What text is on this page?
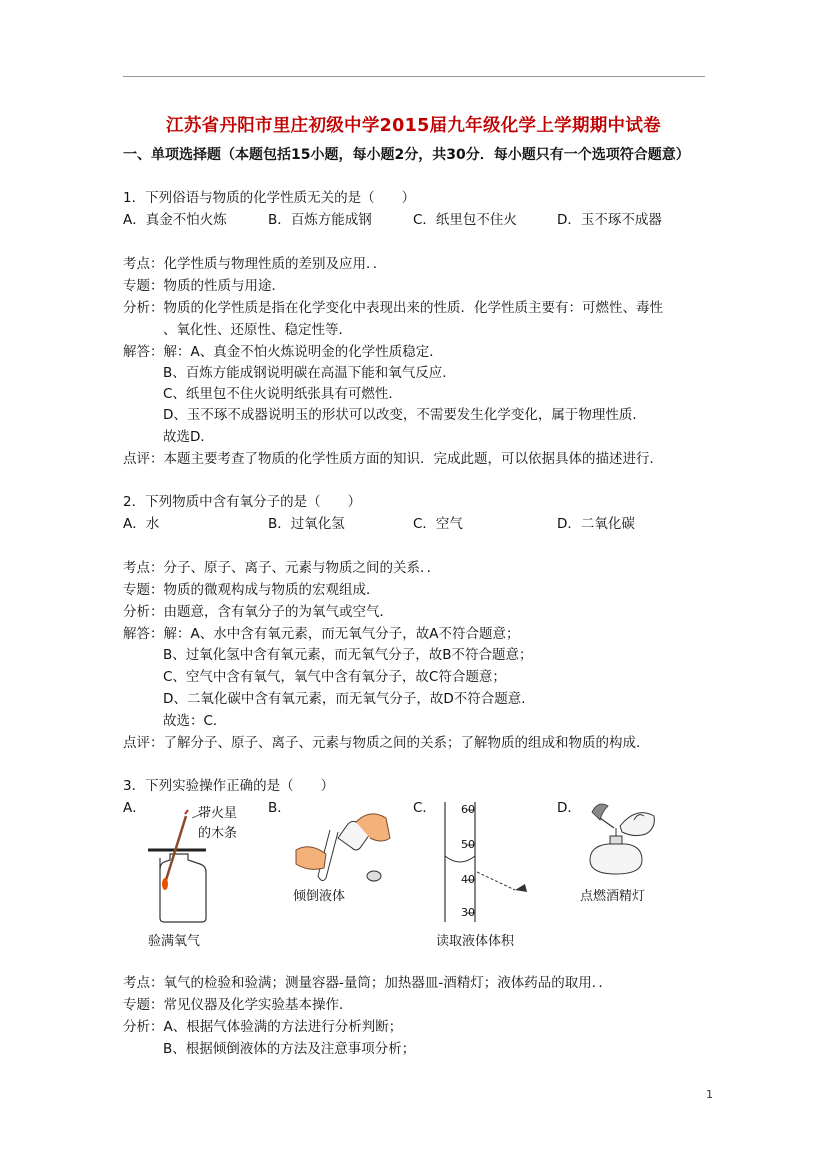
江苏省丹阳市里庄初级中学2015届九年级化学上学期期中试卷
一、单项选择题（本题包括15小题，每小题2分，共30分．每小题只有一个选项符合题意）
1．下列俗语与物质的化学性质无关的是（　　）
A．真金不怕火炼	B．百炼方能成钢	C．纸里包不住火	D．玉不琢不成器
考点：化学性质与物理性质的差别及应用．．
专题：物质的性质与用途．
分析：物质的化学性质是指在化学变化中表现出来的性质．化学性质主要有：可燃性、毒性
、氧化性、还原性、稳定性等．
解答：解：A、真金不怕火炼说明金的化学性质稳定．
B、百炼方能成钢说明碳在高温下能和氧气反应．
C、纸里包不住火说明纸张具有可燃性．
D、玉不琢不成器说明玉的形状可以改变，不需要发生化学变化，属于物理性质．
故选D．
点评：本题主要考查了物质的化学性质方面的知识．完成此题，可以依据具体的描述进行．
2．下列物质中含有氧分子的是（　　）
A．水	B．过氧化氢	C．空气	D．二氧化碳
考点：分子、原子、离子、元素与物质之间的关系．．
专题：物质的微观构成与物质的宏观组成．
分析：由题意，含有氧分子的为氧气或空气．
解答：解：A、水中含有氧元素，而无氧气分子，故A不符合题意；
B、过氧化氢中含有氧元素，而无氧气分子，故B不符合题意；
C、空气中含有氧气，氧气中含有氧分子，故C符合题意；
D、二氧化碳中含有氧元素，而无氧气分子，故D不符合题意．
故选：C．
点评：了解分子、原子、离子、元素与物质之间的关系；了解物质的组成和物质的构成．
3．下列实验操作正确的是（　　）
A．	B．	C．	D．
带火星
的木条
验满氧气
倾倒液体
60
50
40
30
读取液体体积
点燃酒精灯
考点：氧气的检验和验满；测量容器-量筒；加热器皿-酒精灯；液体药品的取用．．
专题：常见仪器及化学实验基本操作．
分析：A、根据气体验满的方法进行分析判断；
B、根据倾倒液体的方法及注意事项分析；
1
